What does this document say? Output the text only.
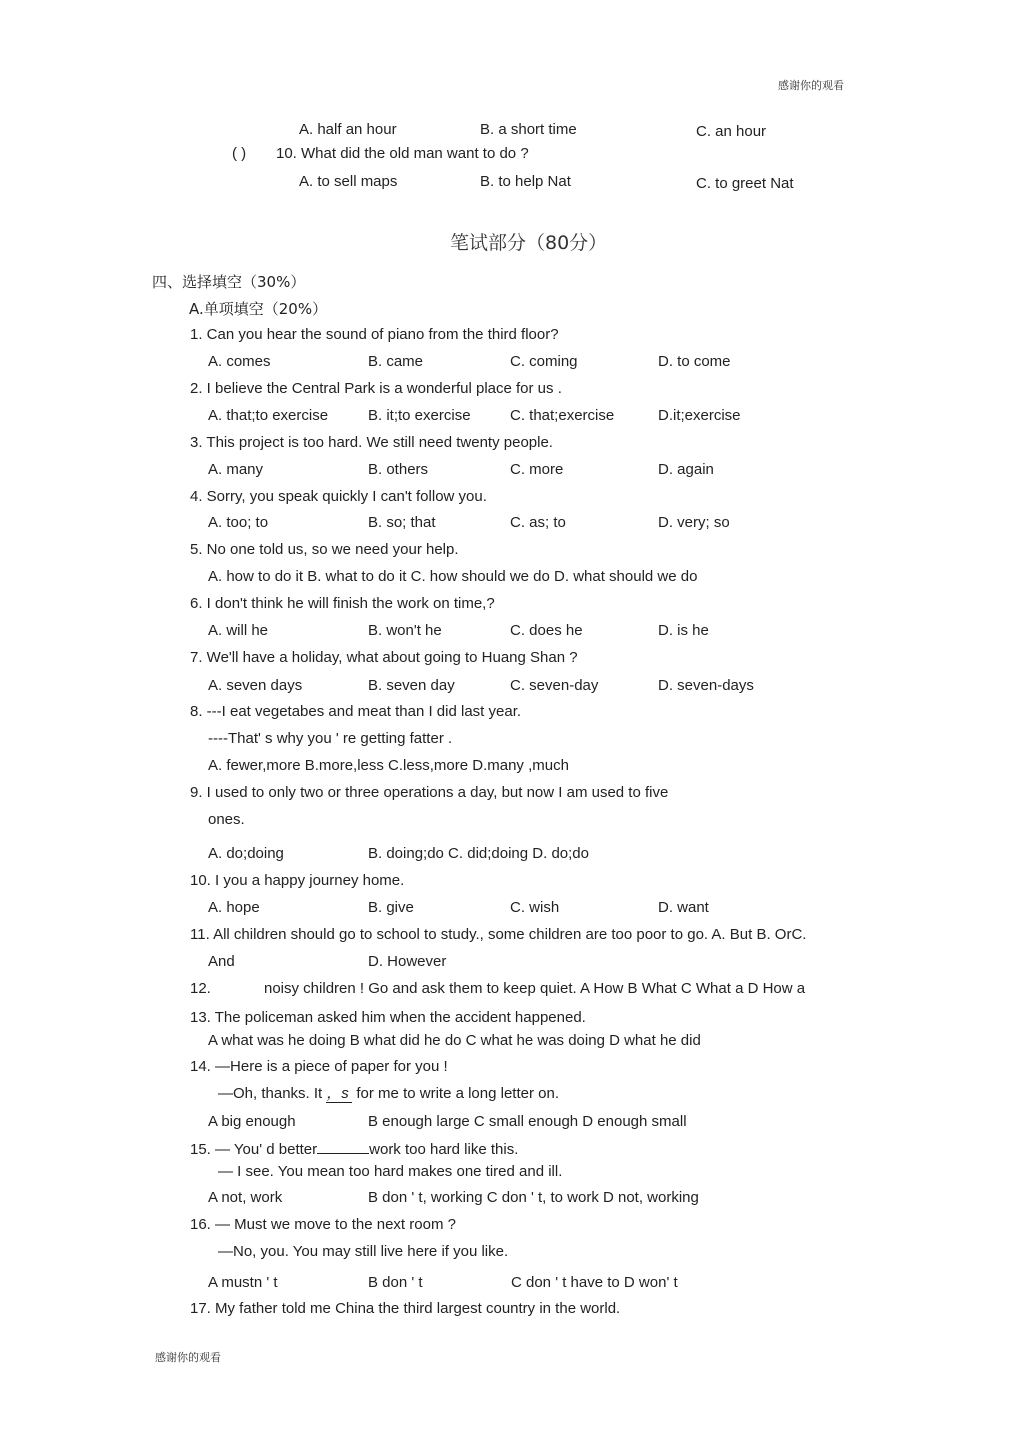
感谢你的观看
A. half an hour	B. a short time	C. an hour
( ) 10. What did the old man want to do ?
A. to sell maps	B. to help Nat	C. to greet Nat
笔试部分（80分）
四、选择填空（30%）
A.单项填空（20%）
1. Can you hear the sound of piano from the third floor?
A. comes	B. came	C. coming	D. to come
2. I believe the Central Park is a wonderful place for us .
A. that;to exercise	B. it;to exercise	C. that;exercise	D.it;exercise
3. This project is too hard. We still need twenty people.
A. many	B. others	C. more	D. again
4. Sorry, you speak quickly I can't follow you.
A. too; to	B. so; that	C. as; to	D. very; so
5. No one told us, so we need your help.
A. how to do it B. what to do it C. how should we do D. what should we do
6. I don't think he will finish the work on time,?
A. will he	B. won't he	C. does he	D. is he
7. We'll have a holiday, what about going to Huang Shan ?
A. seven days	B. seven day	C. seven-day	D. seven-days
8. ---I eat vegetabes and meat than I did last year.
----That' s why you ' re getting fatter .
A. fewer,more B.more,less C.less,more D.many ,much
9. I used to only two or three operations a day, but now I am used to five
ones.
A. do;doing	B. doing;do C. did;doing D. do;do
10. I you a happy journey home.
A. hope	B. give	C. wish	D. want
11. All children should go to school to study., some children are too poor to go. A. But B. OrC.
And	D. However
12.	noisy children ! Go and ask them to keep quiet. A How B What C What a D How a
13. The policeman asked him when the accident happened.
A what was he doing B what did he do C what he was doing D what he did
14. —Here is a piece of paper for you !
—Oh, thanks. It ，s for me to write a long letter on.
A big enough	B enough large C small enough D enough small
15. — You' d better	work too hard like this.
— I see. You mean too hard makes one tired and ill.
A not, work	B don ' t, working C don ' t, to work D not, working
16. — Must we move to the next room ?
—No, you. You may still live here if you like.
A mustn ' t	B don ' t	C don ' t have to D won' t
17. My father told me China the third largest country in the world.
感谢你的观看
